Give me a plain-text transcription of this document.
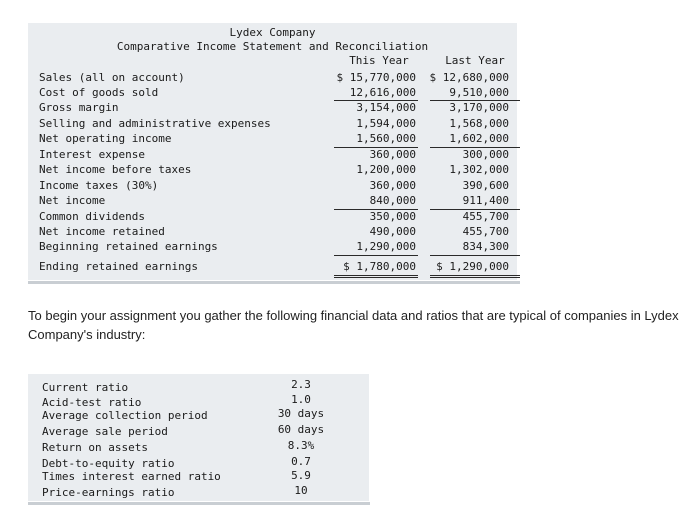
Lydex Company
Comparative Income Statement and Reconciliation
This Year	Last Year
Sales (all on account)	$ 15,770,000 $ 12,680,000
Cost of goods sold	12,616,000	9,510,000
Gross margin	3,154,000	3,170,000
Selling and administrative expenses	1,594,000	1,568,000
Net operating income	1,560,000	1,602,000
Interest expense	360,000	300,000
Net income before taxes	1,200,000	1,302,000
Income taxes (30%)	360,000	390,600
Net income	840,000	911,400
Common dividends	350,000	455,700
Net income retained	490,000	455,700
Beginning retained earnings	1,290,000	834,300
Ending retained earnings	$ 1,780,000 $ 1,290,000
To begin your assignment you gather the following financial data and ratios that are typical of companies in Lydex Company's industry:
Current ratio	2.3
Acid-test ratio	1.0
Average collection period	30 days
Average sale period	60 days
Return on assets	8.3%
Debt-to-equity ratio	0.7
Times interest earned ratio	5.9
Price-earnings ratio	10
